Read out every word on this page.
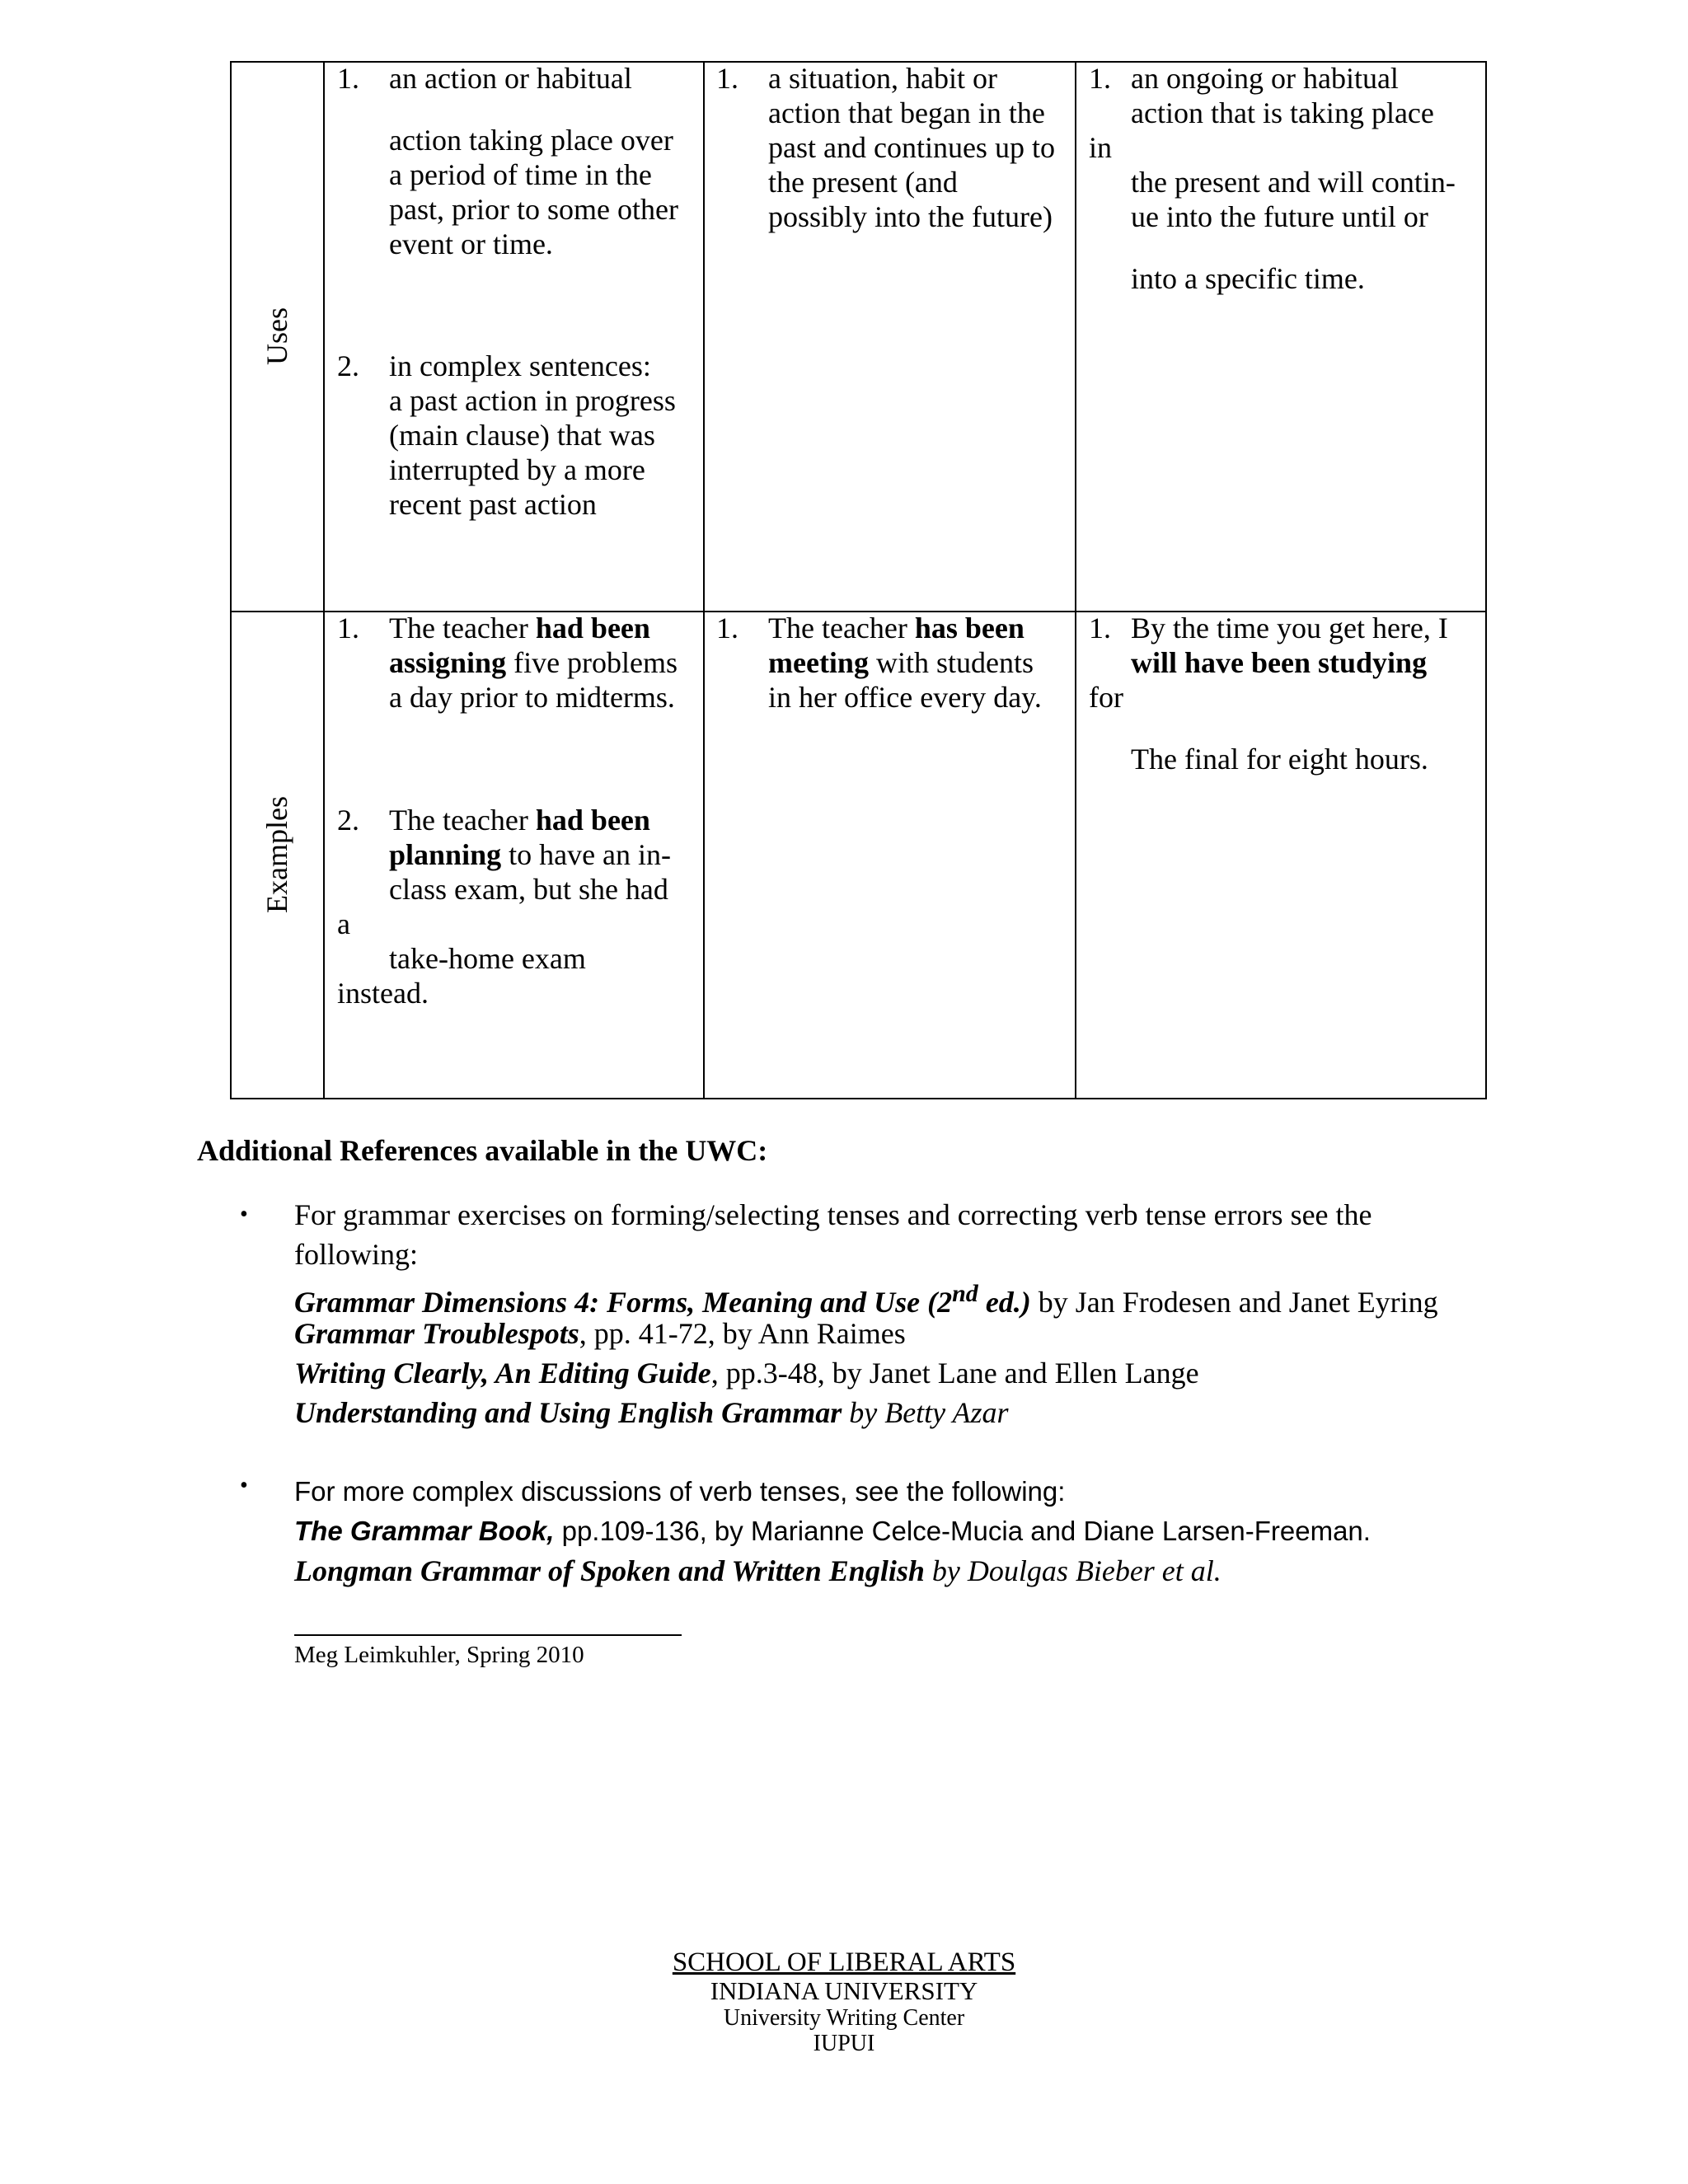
Uses
Examples
1. an action or habitual
action taking place over
a period of time in the
past, prior to some other
event or time.
2. in complex sentences:
a past action in progress
(main clause) that was
interrupted by a more
recent past action
1. a situation, habit or
action that began in the
past and continues up to
the present (and
possibly into the future)
1. an ongoing or habitual
action that is taking place
in
the present and will contin-
ue into the future until or
into a specific time.
1. The teacher had been
assigning five problems
a day prior to midterms.
2. The teacher had been
planning to have an in-
class exam, but she had
a
take-home exam
instead.
1. The teacher has been
meeting with students
in her office every day.
1. By the time you get here, I
will have been studying
for
The final for eight hours.
Additional References available in the UWC:
• For grammar exercises on forming/selecting tenses and correcting verb tense errors see the
following:
Grammar Dimensions 4: Forms, Meaning and Use (2nd ed.) by Jan Frodesen and Janet Eyring
Grammar Troublespots, pp. 41-72, by Ann Raimes
Writing Clearly, An Editing Guide, pp.3-48, by Janet Lane and Ellen Lange
Understanding and Using English Grammar by Betty Azar
• For more complex discussions of verb tenses, see the following:
The Grammar Book, pp.109-136, by Marianne Celce-Mucia and Diane Larsen-Freeman.
Longman Grammar of Spoken and Written English by Doulgas Bieber et al.
Meg Leimkuhler, Spring 2010
SCHOOL OF LIBERAL ARTS
INDIANA UNIVERSITY
University Writing Center
IUPUI
